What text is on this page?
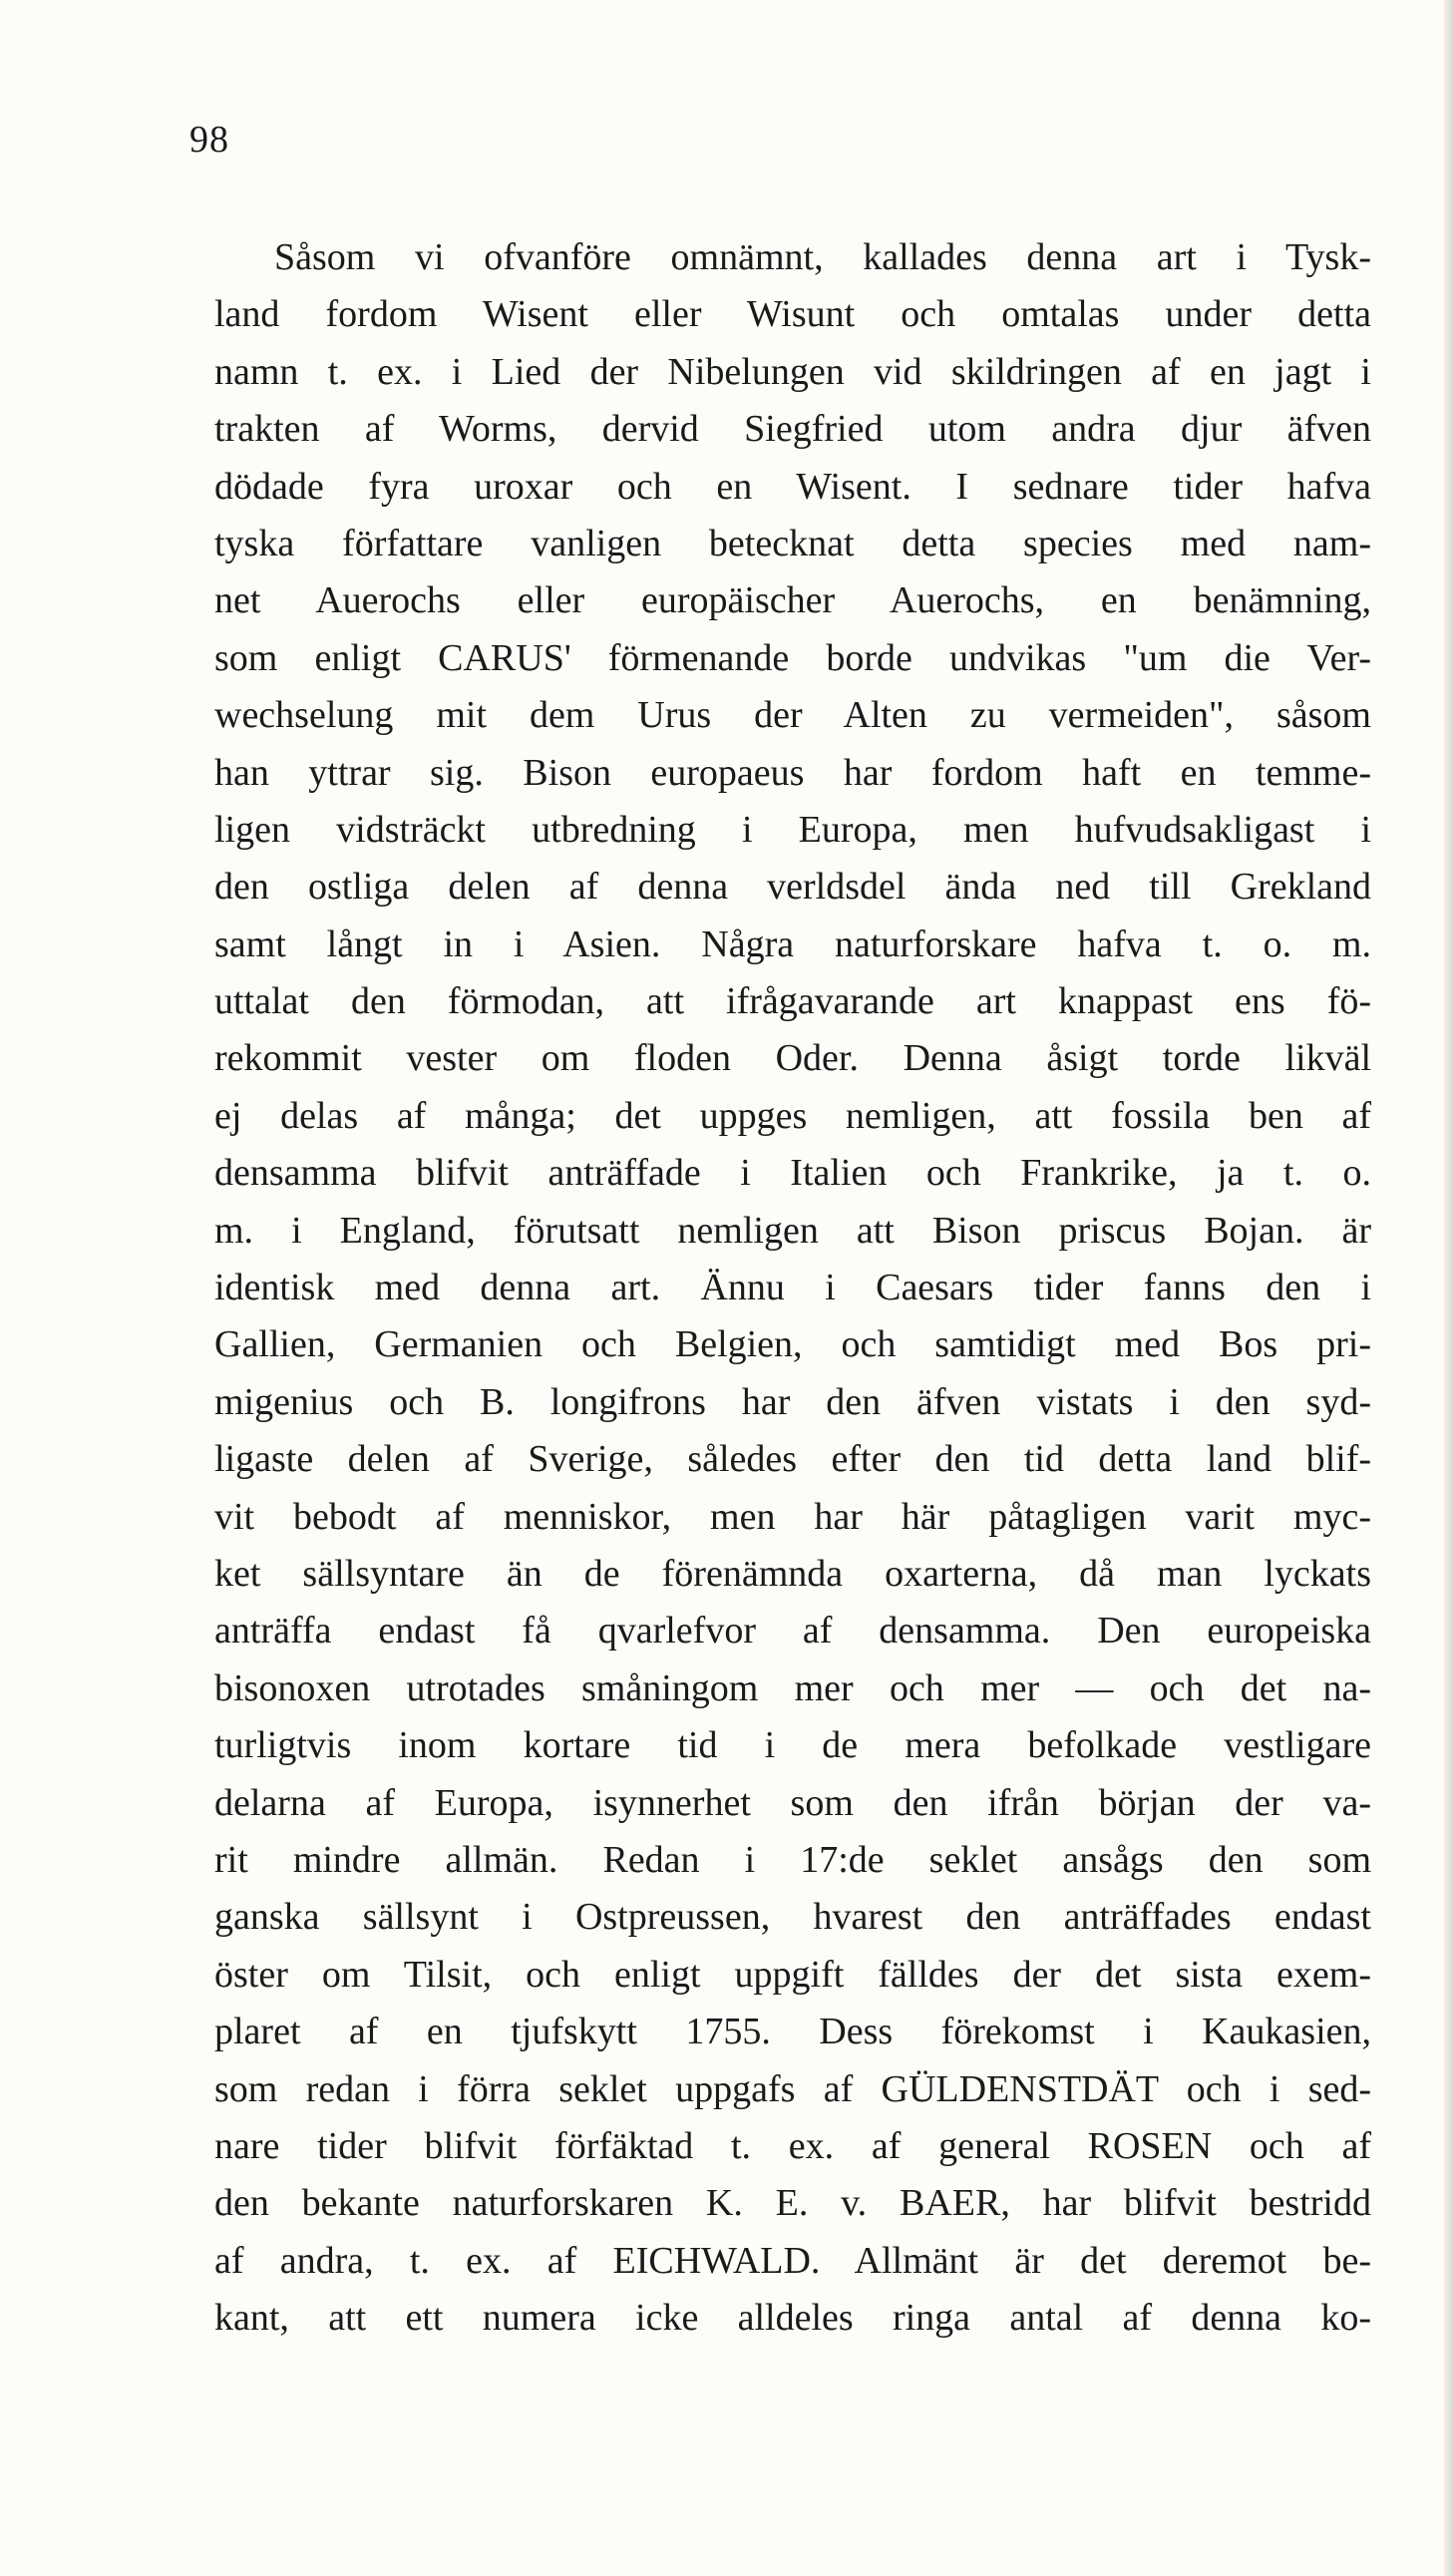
98
Såsom vi ofvanföre omnämnt, kallades denna art i Tysk-
land fordom Wisent eller Wisunt och omtalas under detta
namn t. ex. i Lied der Nibelungen vid skildringen af en jagt i
trakten af Worms, dervid Siegfried utom andra djur äfven
dödade fyra uroxar och en Wisent. I sednare tider hafva
tyska författare vanligen betecknat detta species med nam-
net Auerochs eller europäischer Auerochs, en benämning,
som enligt CARUS' förmenande borde undvikas "um die Ver-
wechselung mit dem Urus der Alten zu vermeiden", såsom
han yttrar sig. Bison europaeus har fordom haft en temme-
ligen vidsträckt utbredning i Europa, men hufvudsakligast i
den ostliga delen af denna verldsdel ända ned till Grekland
samt långt in i Asien. Några naturforskare hafva t. o. m.
uttalat den förmodan, att ifrågavarande art knappast ens fö-
rekommit vester om floden Oder. Denna åsigt torde likväl
ej delas af många; det uppges nemligen, att fossila ben af
densamma blifvit anträffade i Italien och Frankrike, ja t. o.
m. i England, förutsatt nemligen att Bison priscus Bojan. är
identisk med denna art. Ännu i Caesars tider fanns den i
Gallien, Germanien och Belgien, och samtidigt med Bos pri-
migenius och B. longifrons har den äfven vistats i den syd-
ligaste delen af Sverige, således efter den tid detta land blif-
vit bebodt af menniskor, men har här påtagligen varit myc-
ket sällsyntare än de förenämnda oxarterna, då man lyckats
anträffa endast få qvarlefvor af densamma. Den europeiska
bisonoxen utrotades småningom mer och mer — och det na-
turligtvis inom kortare tid i de mera befolkade vestligare
delarna af Europa, isynnerhet som den ifrån början der va-
rit mindre allmän. Redan i 17:de seklet ansågs den som
ganska sällsynt i Ostpreussen, hvarest den anträffades endast
öster om Tilsit, och enligt uppgift fälldes der det sista exem-
plaret af en tjufskytt 1755. Dess förekomst i Kaukasien,
som redan i förra seklet uppgafs af GÜLDENSTDÄT och i sed-
nare tider blifvit förfäktad t. ex. af general ROSEN och af
den bekante naturforskaren K. E. v. BAER, har blifvit bestridd
af andra, t. ex. af EICHWALD. Allmänt är det deremot be-
kant, att ett numera icke alldeles ringa antal af denna ko-
